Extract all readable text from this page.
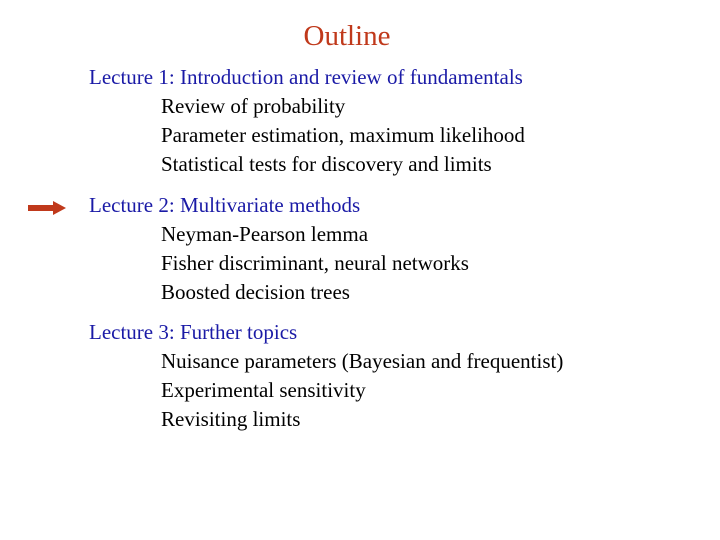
Outline
Lecture 1: Introduction and review of fundamentals
Review of probability
Parameter estimation, maximum likelihood
Statistical tests for discovery and limits
Lecture 2: Multivariate methods
Neyman-Pearson lemma
Fisher discriminant, neural networks
Boosted decision trees
Lecture 3: Further topics
Nuisance parameters (Bayesian and frequentist)
Experimental sensitivity
Revisiting limits
